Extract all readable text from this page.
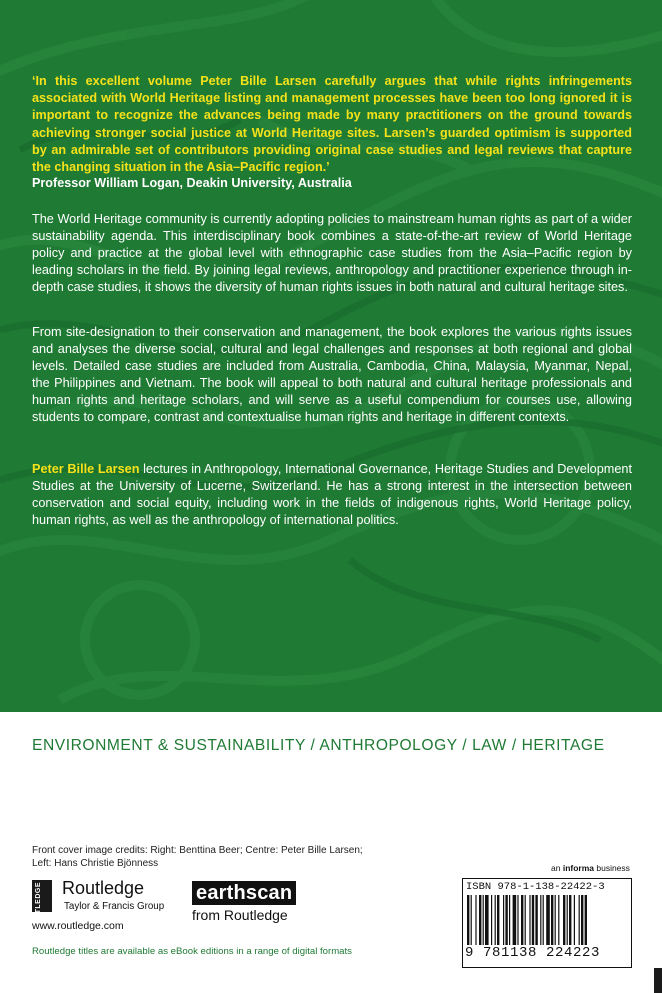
‘In this excellent volume Peter Bille Larsen carefully argues that while rights infringements associated with World Heritage listing and management processes have been too long ignored it is important to recognize the advances being made by many practitioners on the ground towards achieving stronger social justice at World Heritage sites. Larsen’s guarded optimism is supported by an admirable set of contributors providing original case studies and legal reviews that capture the changing situation in the Asia–Pacific region.’
Professor William Logan, Deakin University, Australia
The World Heritage community is currently adopting policies to mainstream human rights as part of a wider sustainability agenda. This interdisciplinary book combines a state-of-the-art review of World Heritage policy and practice at the global level with ethnographic case studies from the Asia–Pacific region by leading scholars in the field. By joining legal reviews, anthropology and practitioner experience through in-depth case studies, it shows the diversity of human rights issues in both natural and cultural heritage sites.
From site-designation to their conservation and management, the book explores the various rights issues and analyses the diverse social, cultural and legal challenges and responses at both regional and global levels. Detailed case studies are included from Australia, Cambodia, China, Malaysia, Myanmar, Nepal, the Philippines and Vietnam. The book will appeal to both natural and cultural heritage professionals and human rights and heritage scholars, and will serve as a useful compendium for courses use, allowing students to compare, contrast and contextualise human rights and heritage in different contexts.
Peter Bille Larsen lectures in Anthropology, International Governance, Heritage Studies and Development Studies at the University of Lucerne, Switzerland. He has a strong interest in the intersection between conservation and social equity, including work in the fields of indigenous rights, World Heritage policy, human rights, as well as the anthropology of international politics.
ENVIRONMENT & SUSTAINABILITY / ANTHROPOLOGY / LAW / HERITAGE
Front cover image credits: Right: Benttina Beer; Centre: Peter Bille Larsen;
Left: Hans Christie Bjönness
ROUTLEDGE Routledge
Taylor & Francis Group
www.routledge.com
earthscan
from Routledge
an informa business
ISBN 978-1-138-22422-3
9 781138 224223
Routledge titles are available as eBook editions in a range of digital formats
